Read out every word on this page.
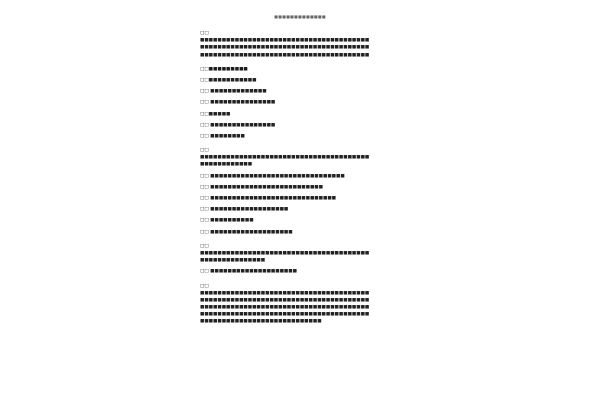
■■■■■■■■■■■■■
□□
■■■■■■■■■■■■■■■■■■■■■■■■■■■■■■■■■■■■■■■
■■■■■■■■■■■■■■■■■■■■■■■■■■■■■■■■■■■■■■■
■■■■■■■■■■■■■■■■■■■■■■■■■■■■■■■■■■■■■■■
□□■■■■■■■■■
□□■■■■■■■■■■■
□□ ■■■■■■■■■■■■■
□□ ■■■■■■■■■■■■■■■
□□■■■■■
□□ ■■■■■■■■■■■■■■■
□□ ■■■■■■■■
□□
■■■■■■■■■■■■■■■■■■■■■■■■■■■■■■■■■■■■■■■
■■■■■■■■■■■■
□□ ■■■■■■■■■■■■■■■■■■■■■■■■■■■■■■■
□□ ■■■■■■■■■■■■■■■■■■■■■■■■■■
□□ ■■■■■■■■■■■■■■■■■■■■■■■■■■■■■
□□ ■■■■■■■■■■■■■■■■■■
□□ ■■■■■■■■■■
□□ ■■■■■■■■■■■■■■■■■■■
□□
■■■■■■■■■■■■■■■■■■■■■■■■■■■■■■■■■■■■■■■
■■■■■■■■■■■■■■■
□□ ■■■■■■■■■■■■■■■■■■■■
□□
■■■■■■■■■■■■■■■■■■■■■■■■■■■■■■■■■■■■■■■
■■■■■■■■■■■■■■■■■■■■■■■■■■■■■■■■■■■■■■■
■■■■■■■■■■■■■■■■■■■■■■■■■■■■■■■■■■■■■■■
■■■■■■■■■■■■■■■■■■■■■■■■■■■■■■■■■■■■■■■
■■■■■■■■■■■■■■■■■■■■■■■■■■■■
